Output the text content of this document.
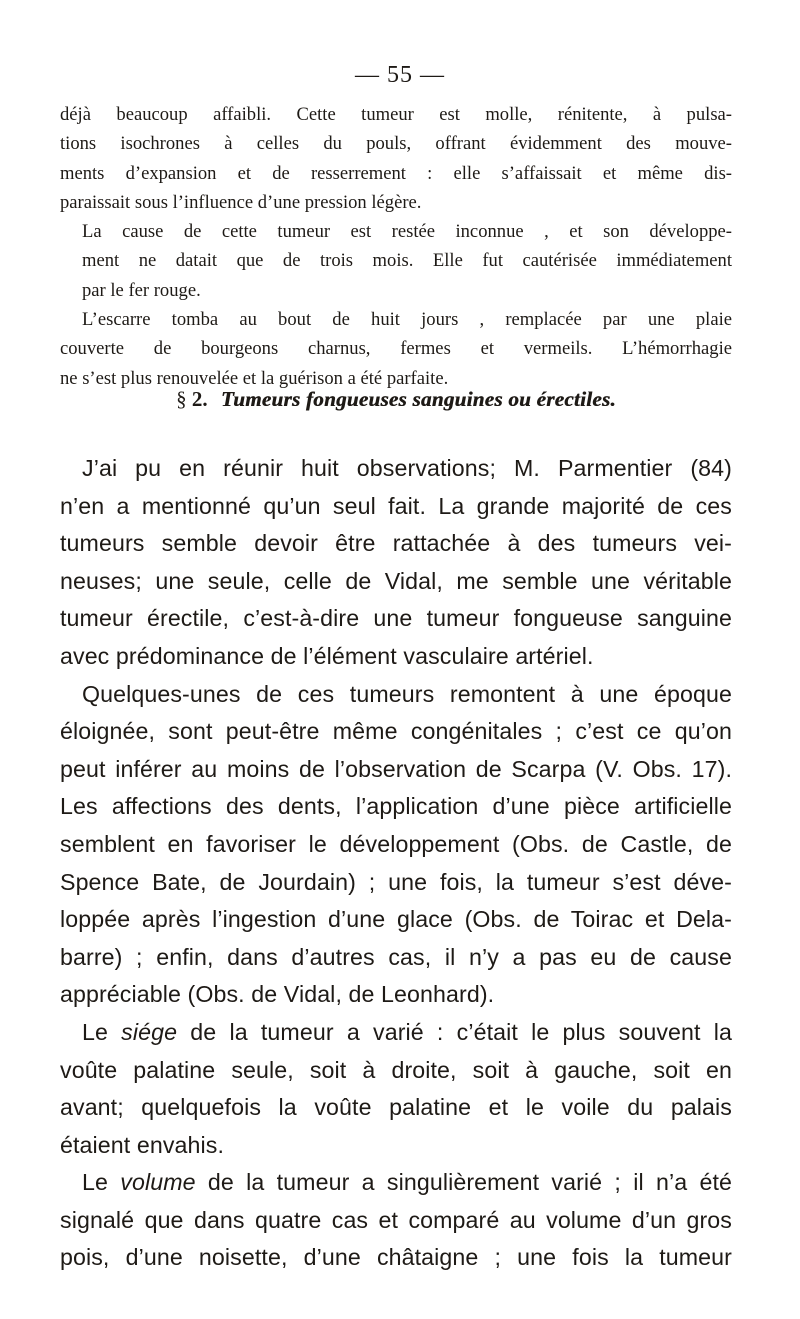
— 55 —

déjà beaucoup affaibli. Cette tumeur est molle, rénitente, à pulsa-
tions isochrones à celles du pouls, offrant évidemment des mouve-
ments d’expansion et de resserrement : elle s’affaissait et même dis-
paraissait sous l’influence d’une pression légère.

La cause de cette tumeur est restée inconnue , et son développe-
ment ne datait que de trois mois. Elle fut cautérisée immédiatement
par le fer rouge.

L’escarre tomba au bout de huit jours , remplacée par une plaie
couverte de bourgeons charnus, fermes et vermeils. L’hémorrhagie
ne s’est plus renouvelée et la guérison a été parfaite.

§ 2. Tumeurs fongueuses sanguines ou érectiles.

J’ai pu en réunir huit observations; M. Parmentier (84)
n’en a mentionné qu’un seul fait. La grande majorité de ces
tumeurs semble devoir être rattachée à des tumeurs vei-
neuses; une seule, celle de Vidal, me semble une véritable
tumeur érectile, c’est-à-dire une tumeur fongueuse sanguine
avec prédominance de l’élément vasculaire artériel.

Quelques-unes de ces tumeurs remontent à une époque
éloignée, sont peut-être même congénitales ; c’est ce qu’on
peut inférer au moins de l’observation de Scarpa (V. Obs. 17).
Les affections des dents, l’application d’une pièce artificielle
semblent en favoriser le développement (Obs. de Castle, de
Spence Bate, de Jourdain) ; une fois, la tumeur s’est déve-
loppée après l’ingestion d’une glace (Obs. de Toirac et Dela-
barre) ; enfin, dans d’autres cas, il n’y a pas eu de cause
appréciable (Obs. de Vidal, de Leonhard).

Le siége de la tumeur a varié : c’était le plus souvent la
voûte palatine seule, soit à droite, soit à gauche, soit en
avant; quelquefois la voûte palatine et le voile du palais
étaient envahis.

Le volume de la tumeur a singulièrement varié ; il n’a été
signalé que dans quatre cas et comparé au volume d’un gros
pois, d’une noisette, d’une châtaigne ; une fois la tumeur
